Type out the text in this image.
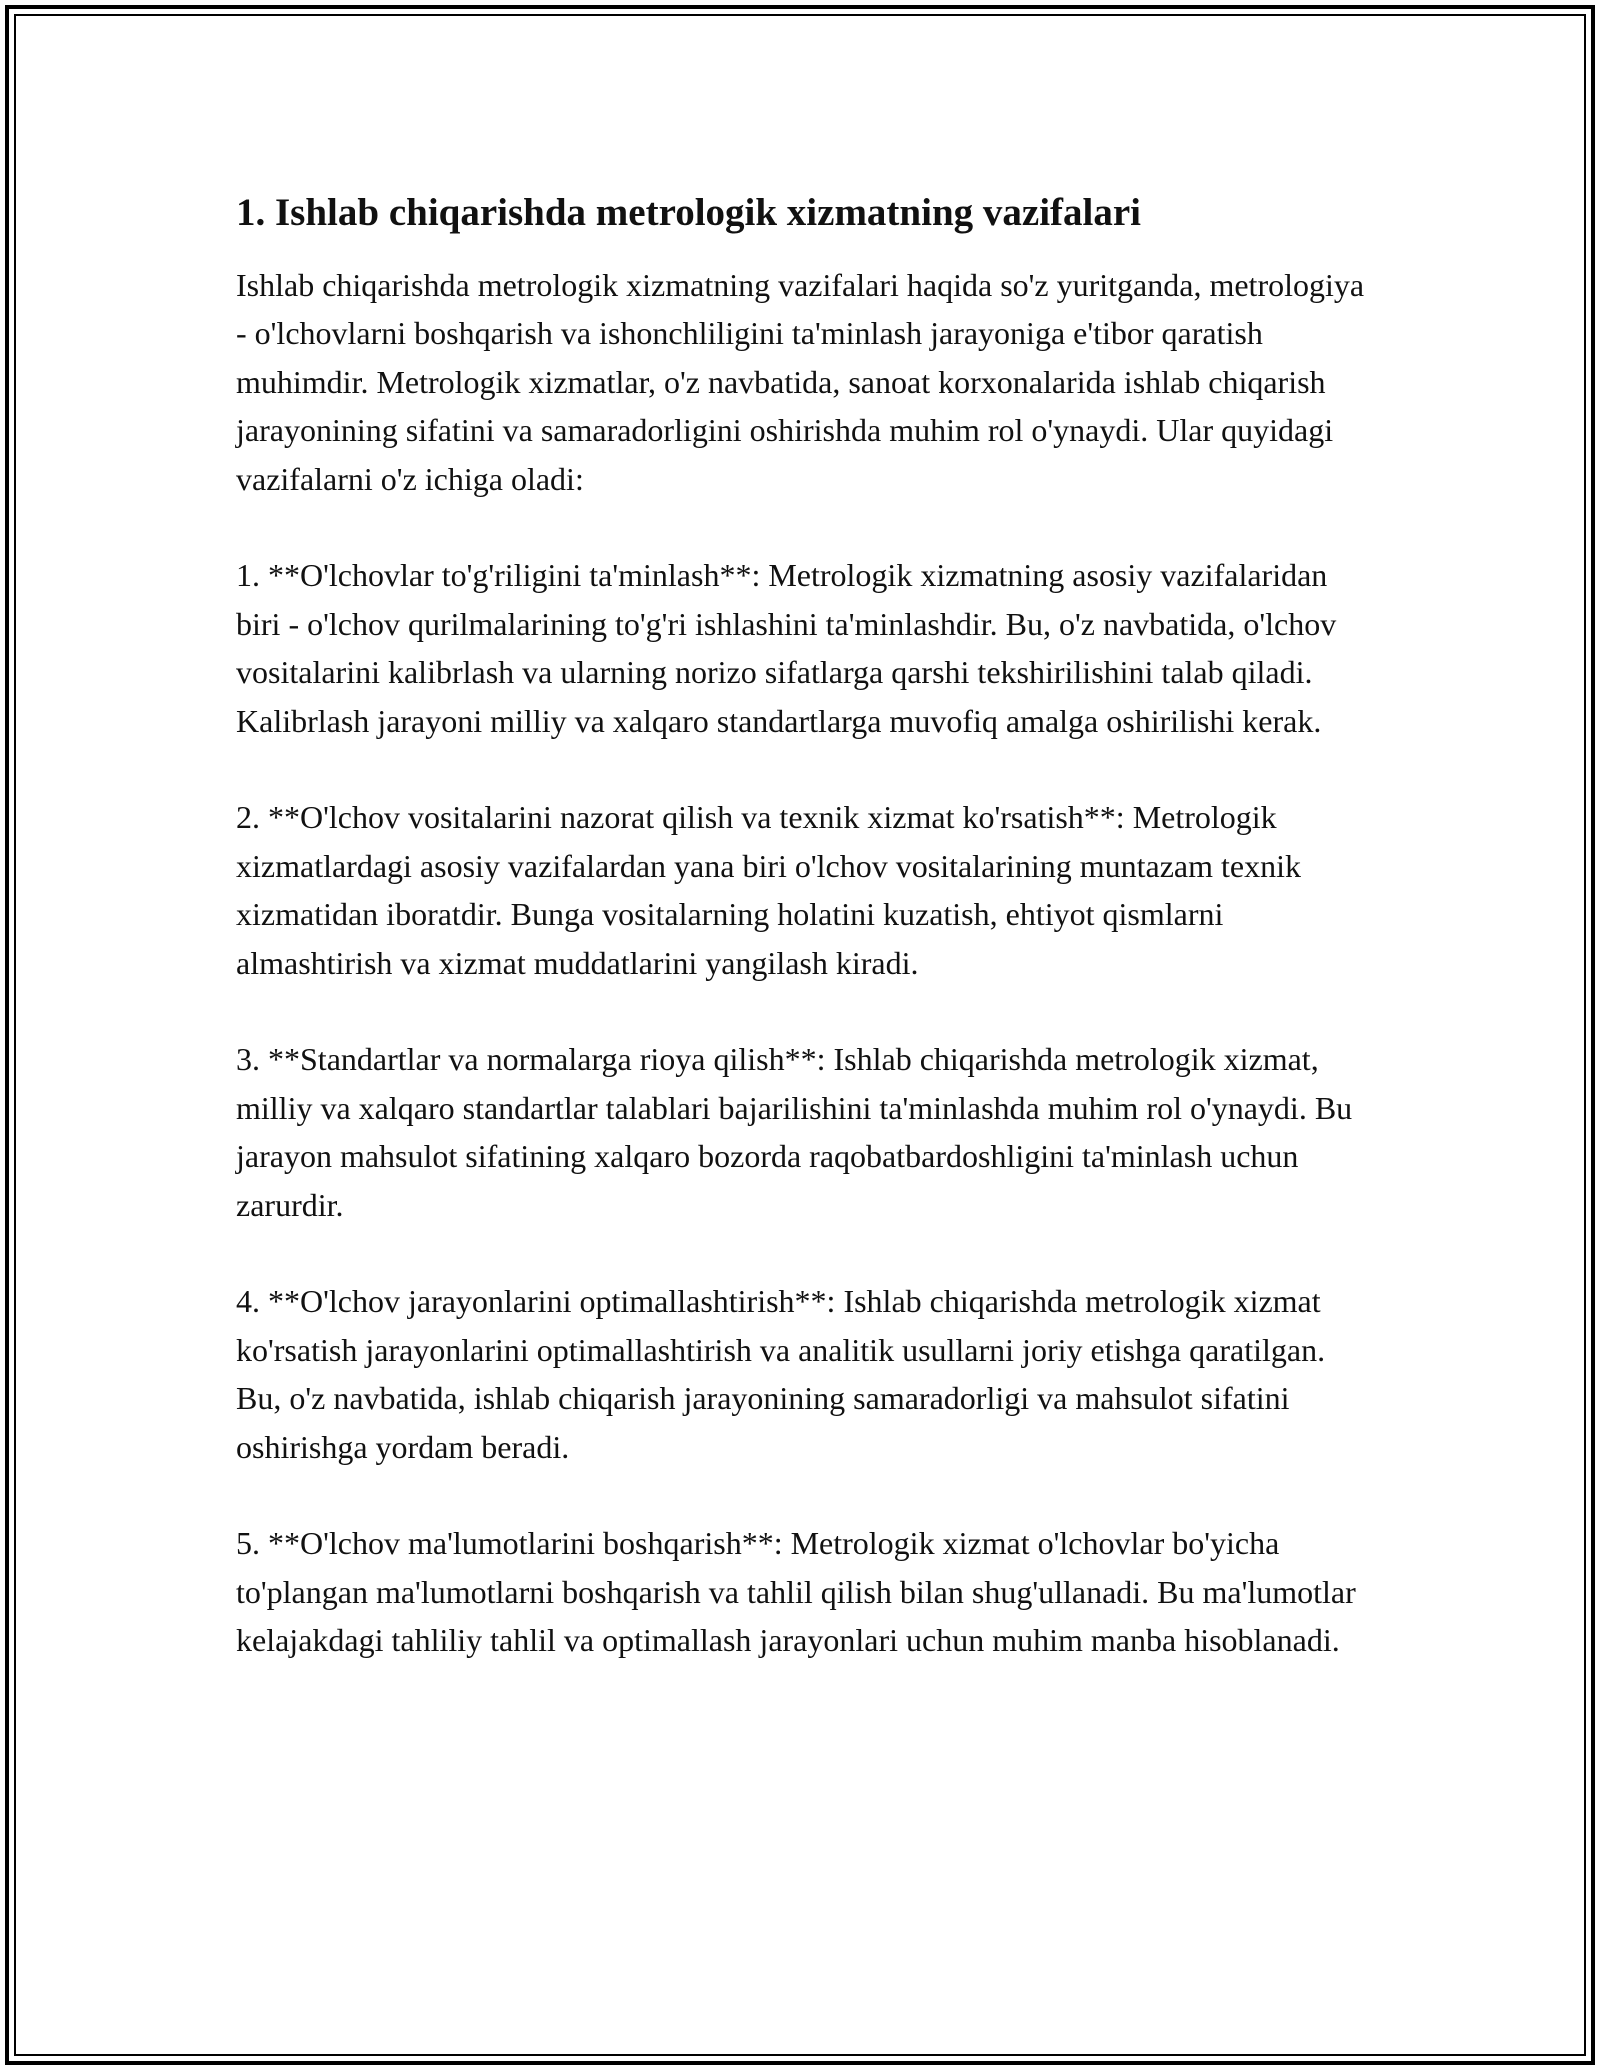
1. Ishlab chiqarishda metrologik xizmatning vazifalari

Ishlab chiqarishda metrologik xizmatning vazifalari haqida so'z yuritganda, metrologiya - o'lchovlarni boshqarish va ishonchliligini ta'minlash jarayoniga e'tibor qaratish muhimdir. Metrologik xizmatlar, o'z navbatida, sanoat korxonalarida ishlab chiqarish jarayonining sifatini va samaradorligini oshirishda muhim rol o'ynaydi. Ular quyidagi vazifalarni o'z ichiga oladi:

1. **O'lchovlar to'g'riligini ta'minlash**: Metrologik xizmatning asosiy vazifalaridan biri - o'lchov qurilmalarining to'g'ri ishlashini ta'minlashdir. Bu, o'z navbatida, o'lchov vositalarini kalibrlash va ularning norizo sifatlarga qarshi tekshirilishini talab qiladi. Kalibrlash jarayoni milliy va xalqaro standartlarga muvofiq amalga oshirilishi kerak.

2. **O'lchov vositalarini nazorat qilish va texnik xizmat ko'rsatish**: Metrologik xizmatlardagi asosiy vazifalardan yana biri o'lchov vositalarining muntazam texnik xizmatidan iboratdir. Bunga vositalarning holatini kuzatish, ehtiyot qismlarni almashtirish va xizmat muddatlarini yangilash kiradi.

3. **Standartlar va normalarga rioya qilish**: Ishlab chiqarishda metrologik xizmat, milliy va xalqaro standartlar talablari bajarilishini ta'minlashda muhim rol o'ynaydi. Bu jarayon mahsulot sifatining xalqaro bozorda raqobatbardoshligini ta'minlash uchun zarurdir.

4. **O'lchov jarayonlarini optimallashtirish**: Ishlab chiqarishda metrologik xizmat ko'rsatish jarayonlarini optimallashtirish va analitik usullarni joriy etishga qaratilgan. Bu, o'z navbatida, ishlab chiqarish jarayonining samaradorligi va mahsulot sifatini oshirishga yordam beradi.

5. **O'lchov ma'lumotlarini boshqarish**: Metrologik xizmat o'lchovlar bo'yicha to'plangan ma'lumotlarni boshqarish va tahlil qilish bilan shug'ullanadi. Bu ma'lumotlar kelajakdagi tahliliy tahlil va optimallash jarayonlari uchun muhim manba hisoblanadi.
